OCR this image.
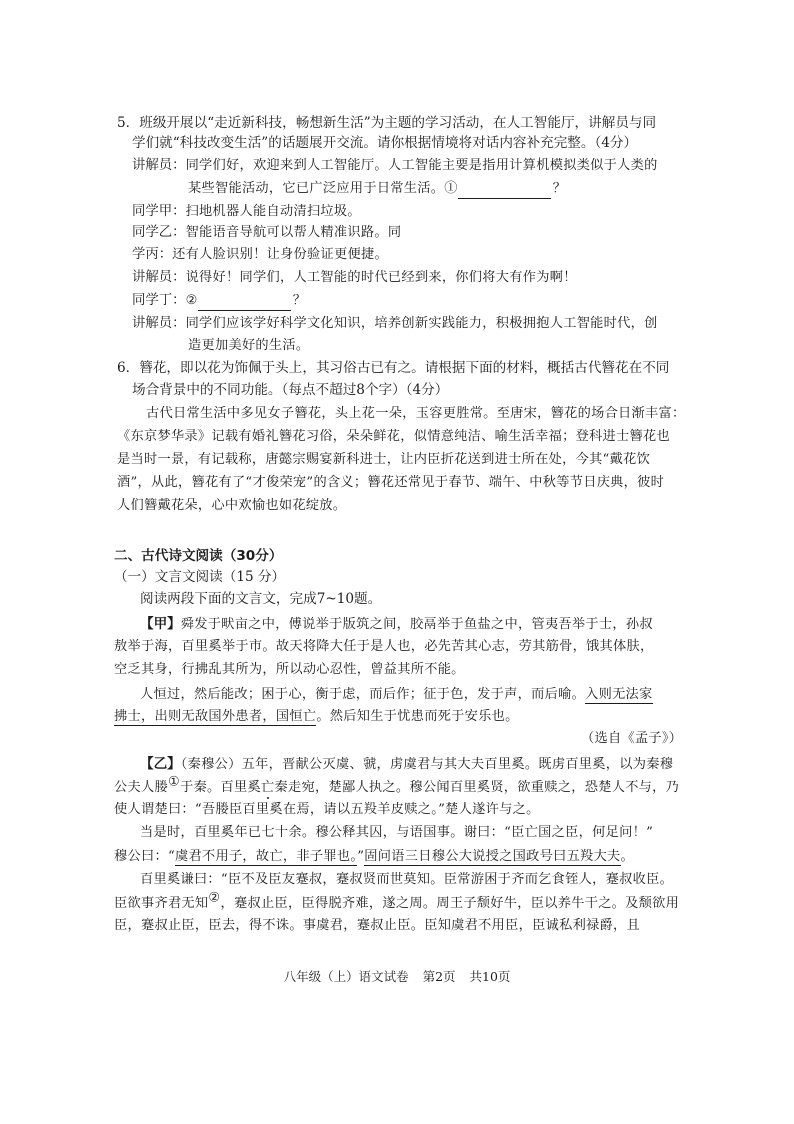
5．班级开展以“走近新科技，畅想新生活”为主题的学习活动，在人工智能厅，讲解员与同
学们就“科技改变生活”的话题展开交流。请你根据情境将对话内容补充完整。（4分）
讲解员：同学们好，欢迎来到人工智能厅。人工智能主要是指用计算机模拟类似于人类的
某些智能活动，它已广泛应用于日常生活。①	？
同学甲：扫地机器人能自动清扫垃圾。
同学乙：智能语音导航可以帮人精准识路。同
学丙：还有人脸识别！让身份验证更便捷。
讲解员：说得好！同学们，人工智能的时代已经到来，你们将大有作为啊！
同学丁：②	？
讲解员：同学们应该学好科学文化知识，培养创新实践能力，积极拥抱人工智能时代，创
造更加美好的生活。
6．簪花，即以花为饰佩于头上，其习俗古已有之。请根据下面的材料，概括古代簪花在不同
场合背景中的不同功能。（每点不超过8个字）（4分）
古代日常生活中多见女子簪花，头上花一朵，玉容更胜常。至唐宋，簪花的场合日渐丰富：
《东京梦华录》记载有婚礼簪花习俗，朵朵鲜花，似情意纯洁、喻生活幸福；登科进士簪花也
是当时一景，有记载称，唐懿宗赐宴新科进士，让内臣折花送到进士所在处，今其“戴花饮
酒”，从此，簪花有了“才俊荣宠”的含义；簪花还常见于春节、端午、中秋等节日庆典，彼时
人们簪戴花朵，心中欢愉也如花绽放。
二、古代诗文阅读（30分）
（一）文言文阅读（15 分）
阅读两段下面的文言文，完成7~10题。
【甲】舜发于畎亩之中，傅说举于版筑之间，胶鬲举于鱼盐之中，管夷吾举于士，孙叔
敖举于海，百里奚举于市。故天将降大任于是人也，必先苦其心志，劳其筋骨，饿其体肤，
空乏其身，行拂乱其所为，所以动心忍性，曾益其所不能。
人恒过，然后能改；困于心，衡于虑，而后作；征于色，发于声，而后喻。入则无法家
拂士，出则无敌国外患者，国恒亡。然后知生于忧患而死于安乐也。
（选自《孟子》）
【乙】（秦穆公）五年，晋献公灭虞、虢，虏虞君与其大夫百里奚。既虏百里奚，以为秦穆
公夫人媵①于秦。百里奚亡秦走宛，楚鄙人执之。穆公闻百里奚贤，欲重赎之，恐楚人不与，乃
使人谓楚曰：“吾媵臣百里奚在焉，请以五羖羊皮赎之。”楚人遂许与之。
当是时，百里奚年已七十余。穆公释其囚，与语国事。谢曰：“臣亡国之臣，何足问！”
穆公曰：“虞君不用子，故亡，非子罪也。”固问语三日穆公大说授之国政号曰五羖大夫。
百里奚谦曰：“臣不及臣友蹇叔，蹇叔贤而世莫知。臣常游困于齐而乞食铚人，蹇叔收臣。
臣欲事齐君无知②，蹇叔止臣，臣得脱齐难，遂之周。周王子颓好牛，臣以养牛干之。及颓欲用
臣，蹇叔止臣，臣去，得不诛。事虞君，蹇叔止臣。臣知虞君不用臣，臣诚私利禄爵，且
八年级（上）语文试卷 第2页 共10页
